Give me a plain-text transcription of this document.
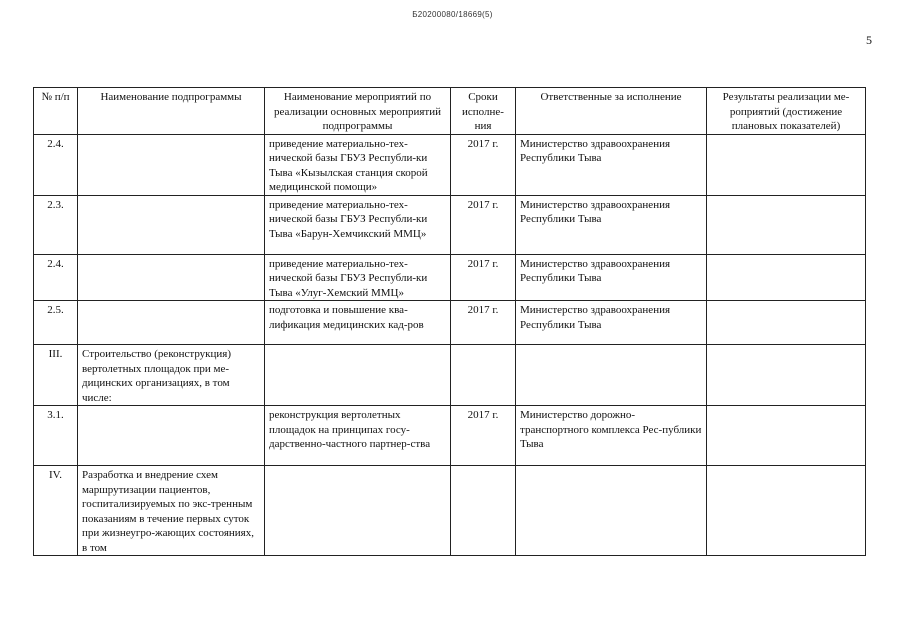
Б20200080/18669(5)
5
№ п/п	Наименование подпрограммы	Наименование мероприятий по реализации основных мероприятий подпрограммы	Сроки исполне-ния	Ответственные за исполнение	Результаты реализации ме-роприятий (достижение плановых показателей)
2.4.		приведение материально-тех-нической базы ГБУЗ Республи-ки Тыва «Кызылская станция скорой медицинской помощи»	2017 г.	Министерство здравоохранения Республики Тыва	
2.3.		приведение материально-тех-нической базы ГБУЗ Республи-ки Тыва «Барун-Хемчикский ММЦ»	2017 г.	Министерство здравоохранения Республики Тыва	
2.4.		приведение материально-тех-нической базы ГБУЗ Республи-ки Тыва «Улуг-Хемский ММЦ»	2017 г.	Министерство здравоохранения Республики Тыва	
2.5.		подготовка и повышение ква-лификация медицинских кад-ров	2017 г.	Министерство здравоохранения Республики Тыва	
III.	Строительство (реконструкция) вертолетных площадок при ме-дицинских организациях, в том числе:				
3.1.		реконструкция вертолетных площадок на принципах госу-дарственно-частного партнер-ства	2017 г.	Министерство дорожно-транспортного комплекса Рес-публики Тыва	
IV.	Разработка и внедрение схем маршрутизации пациентов, госпитализируемых по экс-тренным показаниям в течение первых суток при жизнеугро-жающих состояниях, в том				
